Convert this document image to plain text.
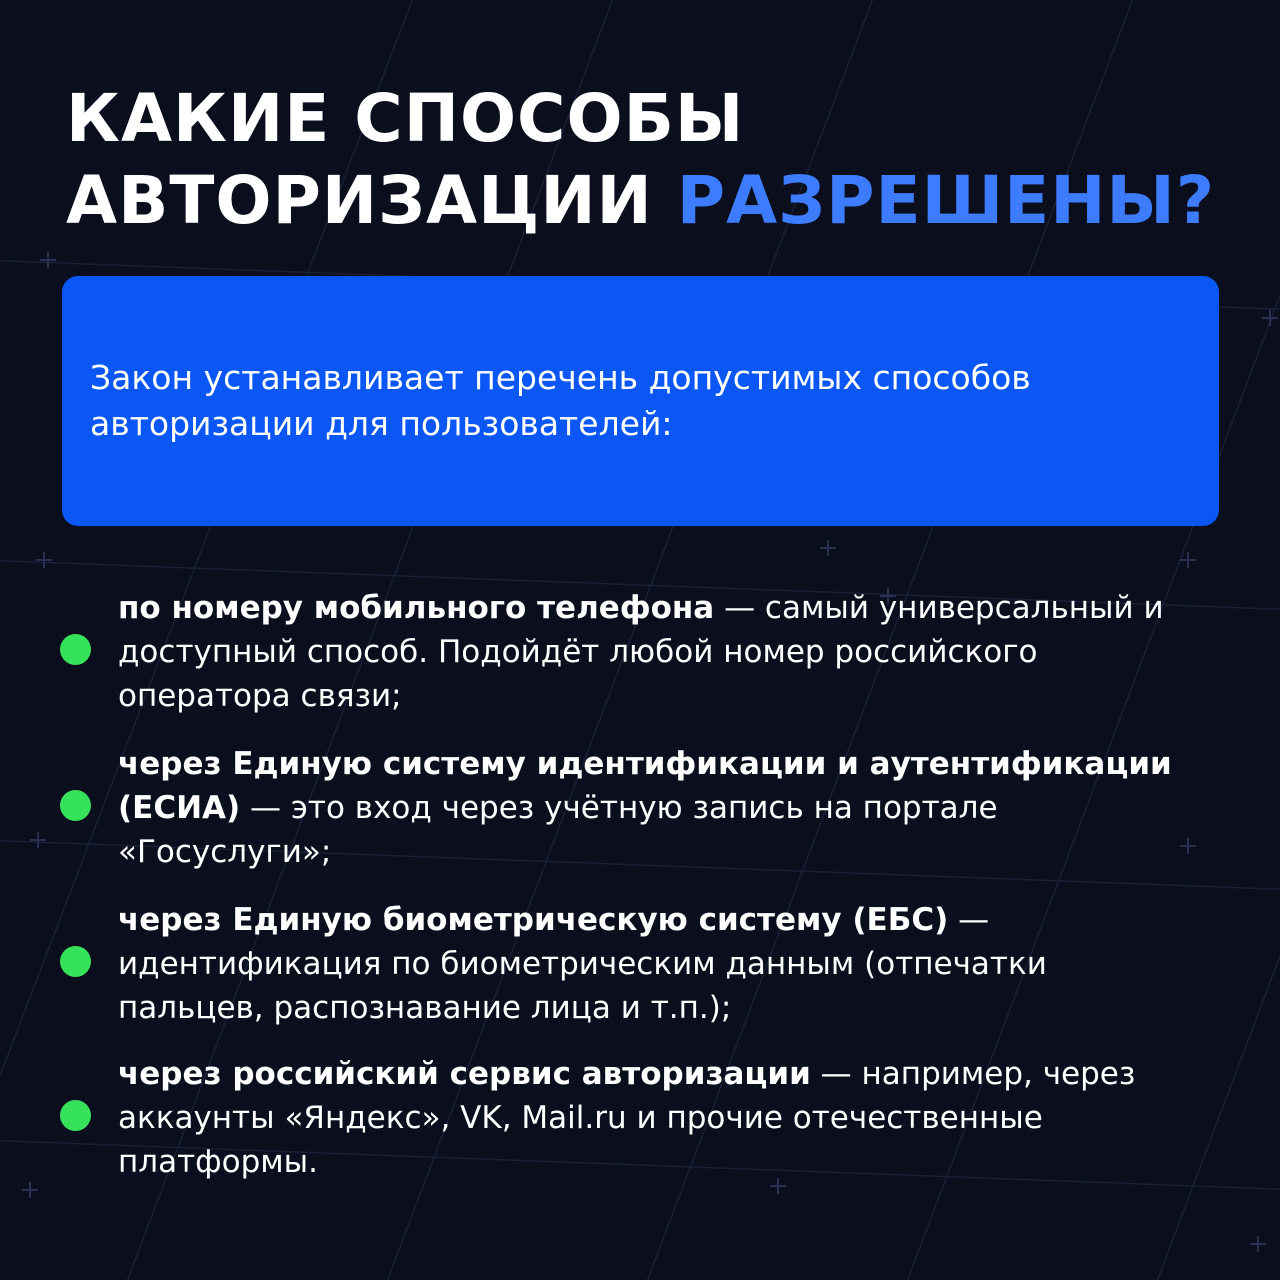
КАКИЕ СПОСОБЫ
АВТОРИЗАЦИИ РАЗРЕШЕНЫ?
Закон устанавливает перечень допустимых способов авторизации для пользователей:
по номеру мобильного телефона — самый универсальный и доступный способ. Подойдёт любой номер российского оператора связи;
через Единую систему идентификации и аутентификации (ЕСИА) — это вход через учётную запись на портале «Госуслуги»;
через Единую биометрическую систему (ЕБС) — идентификация по биометрическим данным (отпечатки пальцев, распознавание лица и т.п.);
через российский сервис авторизации — например, через аккаунты «Яндекс», VK, Mail.ru и прочие отечественные платформы.
